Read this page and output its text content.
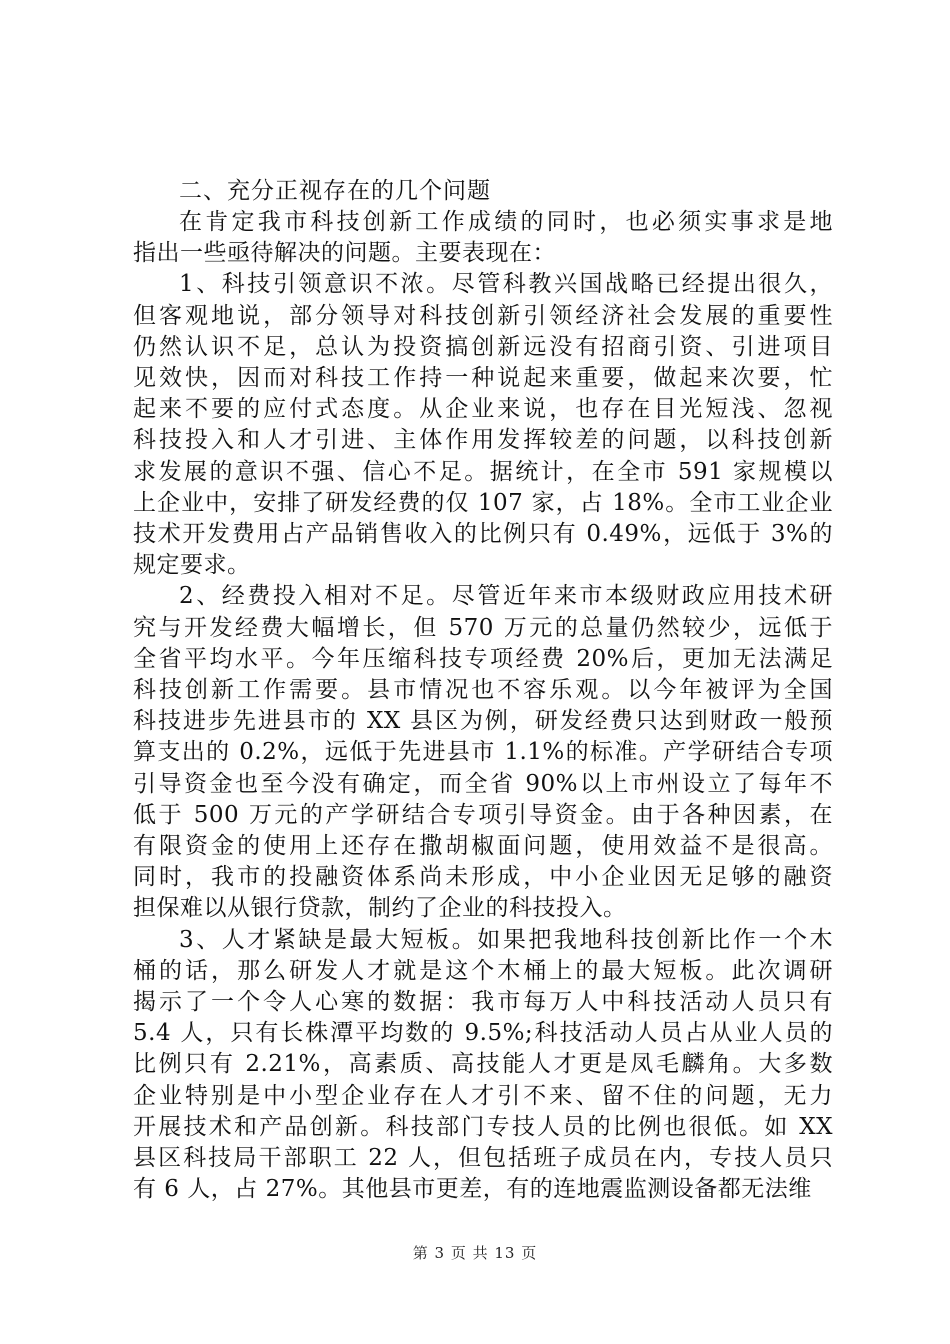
二、充分正视存在的几个问题

在肯定我市科技创新工作成绩的同时，也必须实事求是地
指出一些亟待解决的问题。主要表现在：
1、科技引领意识不浓。尽管科教兴国战略已经提出很久，
但客观地说，部分领导对科技创新引领经济社会发展的重要性
仍然认识不足，总认为投资搞创新远没有招商引资、引进项目
见效快，因而对科技工作持一种说起来重要，做起来次要，忙
起来不要的应付式态度。从企业来说，也存在目光短浅、忽视
科技投入和人才引进、主体作用发挥较差的问题，以科技创新
求发展的意识不强、信心不足。据统计，在全市 591 家规模以
上企业中，安排了研发经费的仅 107 家，占 18%。全市工业企业
技术开发费用占产品销售收入的比例只有 0.49%，远低于 3%的
规定要求。
2、经费投入相对不足。尽管近年来市本级财政应用技术研
究与开发经费大幅增长，但 570 万元的总量仍然较少，远低于
全省平均水平。今年压缩科技专项经费 20%后，更加无法满足
科技创新工作需要。县市情况也不容乐观。以今年被评为全国
科技进步先进县市的 XX 县区为例，研发经费只达到财政一般预
算支出的 0.2%，远低于先进县市 1.1%的标准。产学研结合专项
引导资金也至今没有确定，而全省 90%以上市州设立了每年不
低于 500 万元的产学研结合专项引导资金。由于各种因素，在
有限资金的使用上还存在撒胡椒面问题，使用效益不是很高。
同时，我市的投融资体系尚未形成，中小企业因无足够的融资
担保难以从银行贷款，制约了企业的科技投入。
3、人才紧缺是最大短板。如果把我地科技创新比作一个木
桶的话，那么研发人才就是这个木桶上的最大短板。此次调研
揭示了一个令人心寒的数据：我市每万人中科技活动人员只有
5.4 人，只有长株潭平均数的 9.5%;科技活动人员占从业人员的
比例只有 2.21%，高素质、高技能人才更是凤毛麟角。大多数
企业特别是中小型企业存在人才引不来、留不住的问题，无力
开展技术和产品创新。科技部门专技人员的比例也很低。如 XX
县区科技局干部职工 22 人，但包括班子成员在内，专技人员只
有 6 人，占 27%。其他县市更差，有的连地震监测设备都无法维
第 3 页 共 13 页
